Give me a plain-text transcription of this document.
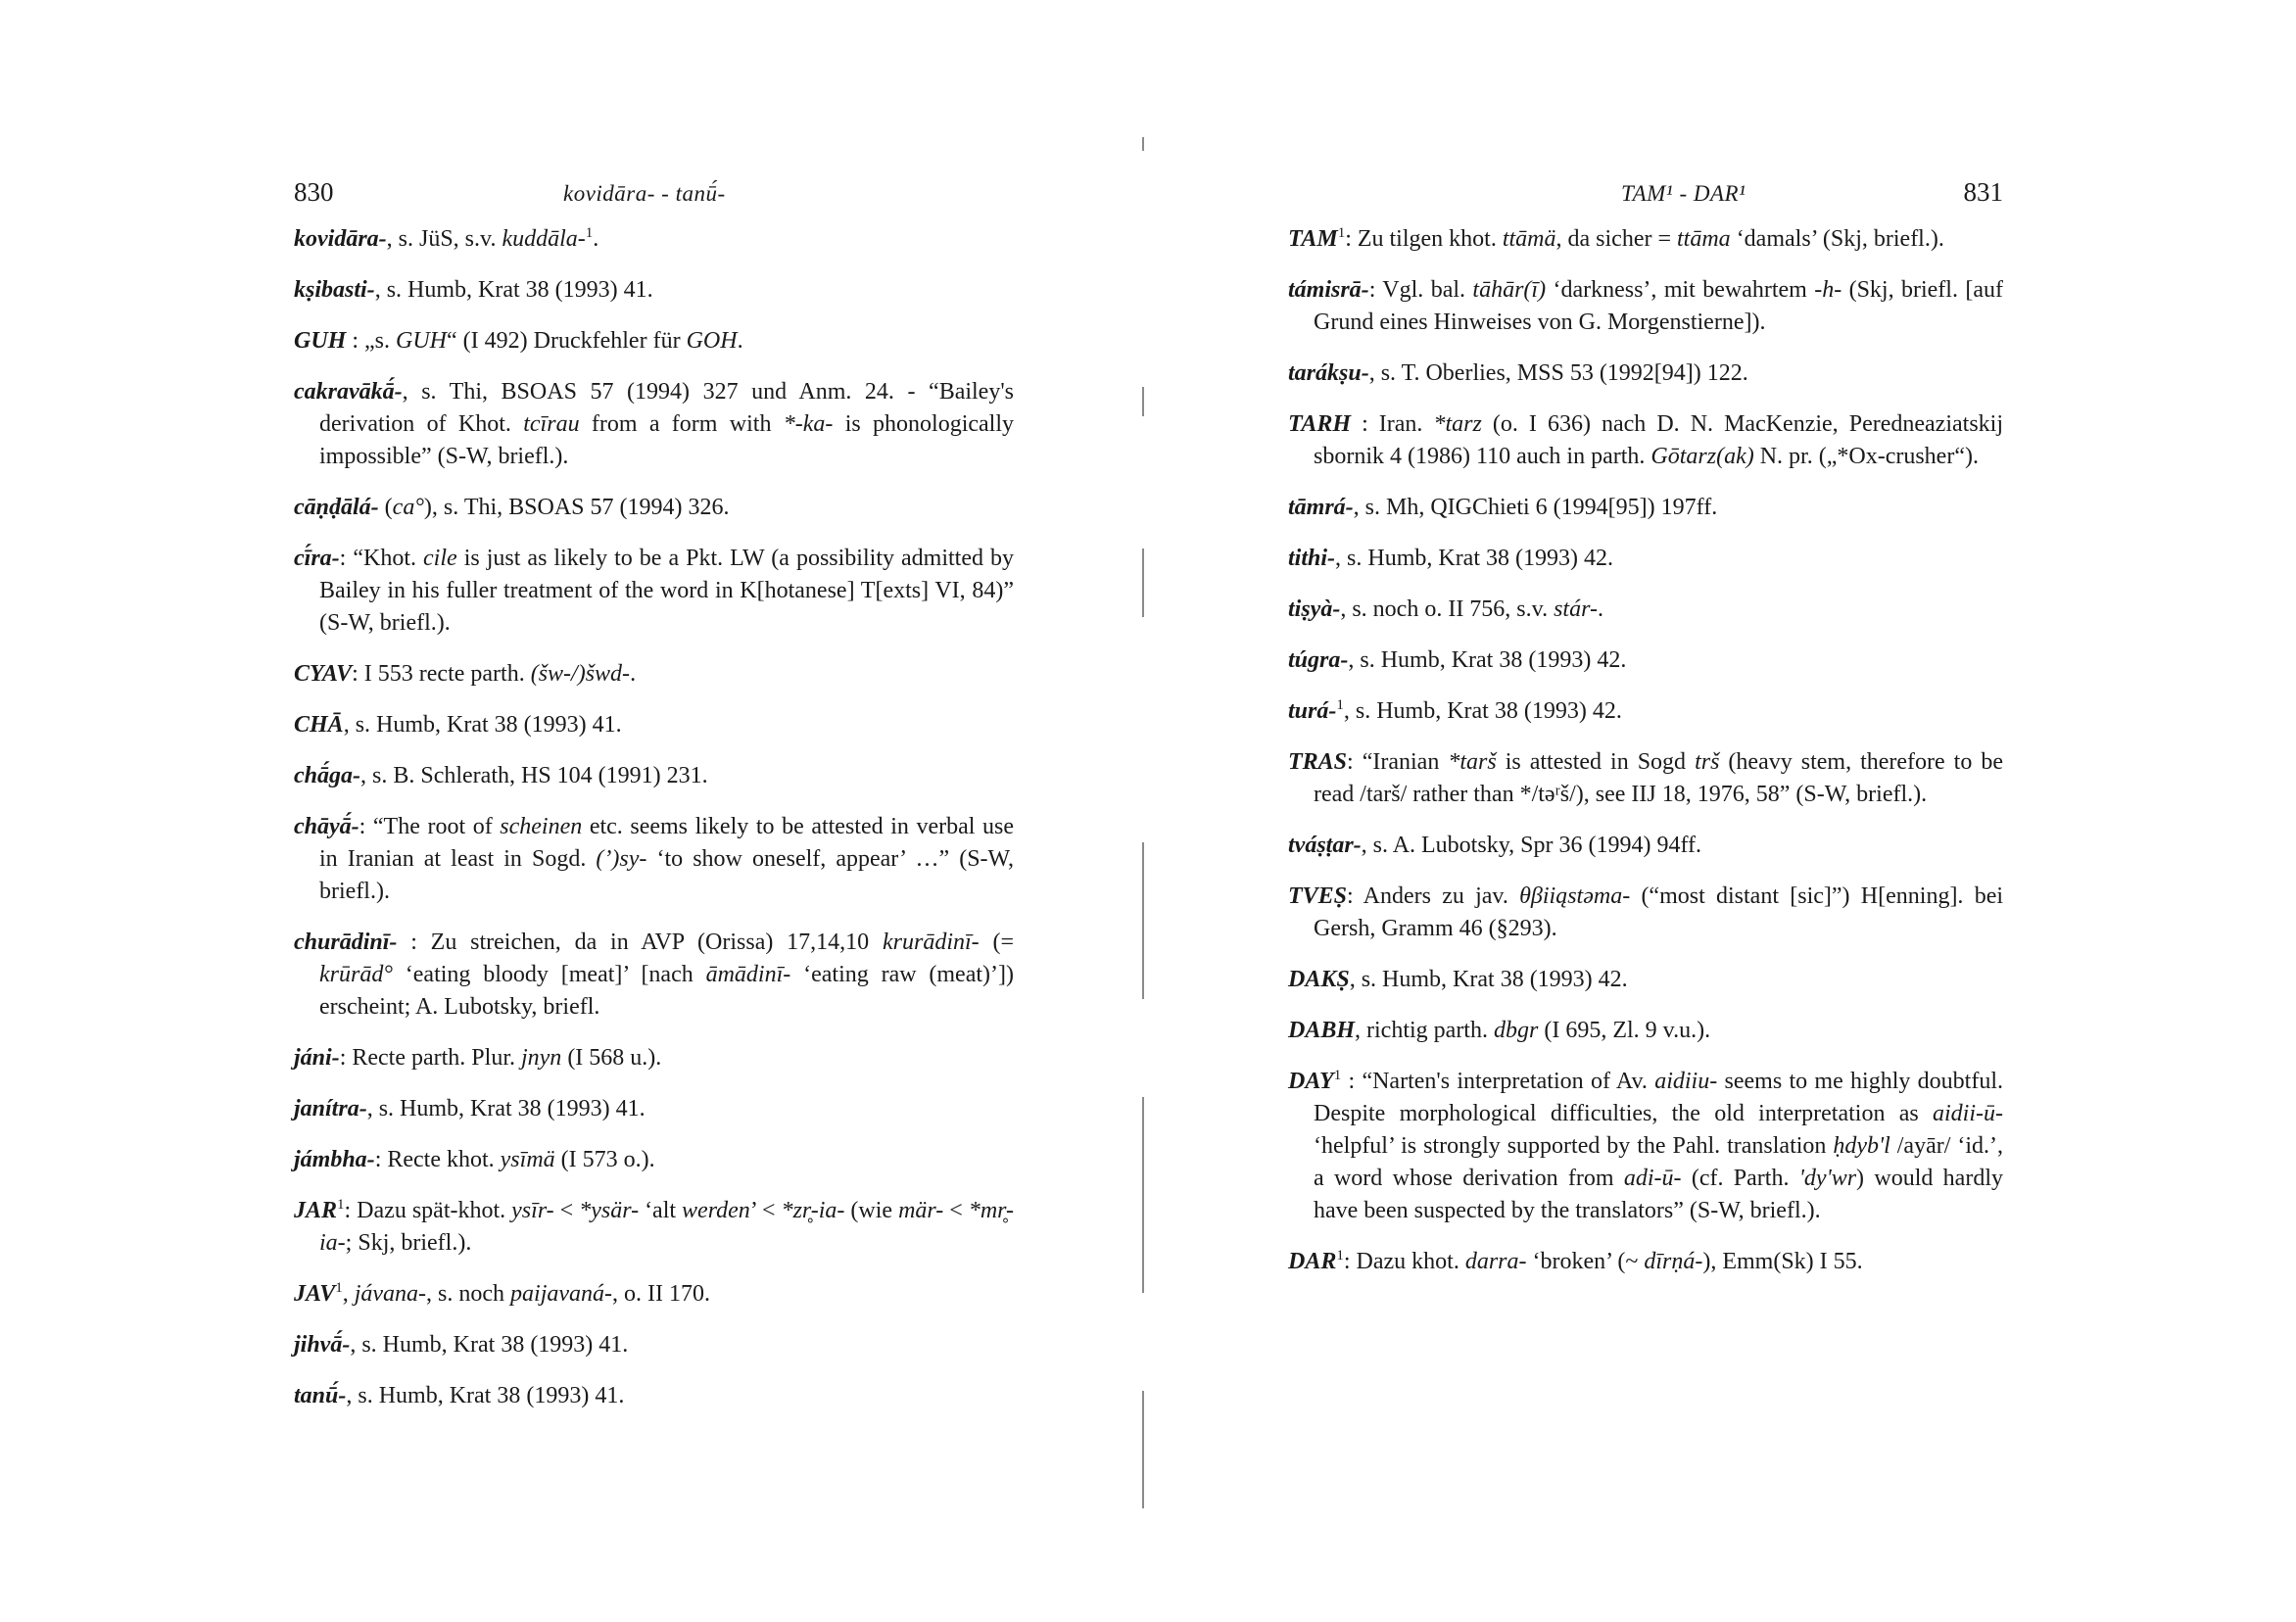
830	kovidāra- - tanū́-

kovidāra-, s. JüS, s.v. kuddāla-$^1$.

kṣibasti-, s. Humb, Krat 38 (1993) 41.

GUH : „s. GUH“ (I 492) Druckfehler für GOH.

cakravākā́-, s. Thi, BSOAS 57 (1994) 327 und Anm. 24. - “Bailey's derivation of Khot. tcīrau from a form with *-ka- is phonologically impossible” (S-W, briefl.).

cāṇḍālá- (ca°), s. Thi, BSOAS 57 (1994) 326.

cī́ra-: “Khot. cile is just as likely to be a Pkt. LW (a possibility admitted by Bailey in his fuller treatment of the word in K[hotanese] T[exts] VI, 84)” (S-W, briefl.).

CYAV: I 553 recte parth. (šw-/)šwd-.

CHĀ, s. Humb, Krat 38 (1993) 41.

chā́ga-, s. B. Schlerath, HS 104 (1991) 231.

chāyā́-: “The root of scheinen etc. seems likely to be attested in verbal use in Iranian at least in Sogd. (’)sy- ‘to show oneself, appear’ …” (S-W, briefl.).

churādinī- : Zu streichen, da in AVP (Orissa) 17,14,10 krurādinī- (= krūrād° ‘eating bloody [meat]’ [nach āmādinī- ‘eating raw (meat)’]) erscheint; A. Lubotsky, briefl.

jáni-: Recte parth. Plur. jnyn (I 568 u.).

janítra-, s. Humb, Krat 38 (1993) 41.

jámbha-: Recte khot. ysīmä (I 573 o.).

JAR$^1$: Dazu spät-khot. ysīr- < *ysär- ‘alt werden’ < *zr̥-ia- (wie mär- < *mr̥-ia-; Skj, briefl.).

JAV$^1$, jávana-, s. noch paijavaná-, o. II 170.

jihvā́-, s. Humb, Krat 38 (1993) 41.

tanū́-, s. Humb, Krat 38 (1993) 41.

TAM¹ - DAR¹	831

TAM$^1$: Zu tilgen khot. ttāmä, da sicher = ttāma ‘damals’ (Skj, briefl.).

támisrā-: Vgl. bal. tāhār(ī) ‘darkness’, mit bewahrtem -h- (Skj, briefl. [auf Grund eines Hinweises von G. Morgenstierne]).

tarákṣu-, s. T. Oberlies, MSS 53 (1992[94]) 122.

TARH : Iran. *tarz (o. I 636) nach D. N. MacKenzie, Peredneaziatskij sbornik 4 (1986) 110 auch in parth. Gōtarz(ak) N. pr. („*Ox-crusher“).

tāmrá-, s. Mh, QIGChieti 6 (1994[95]) 197ff.

tithi-, s. Humb, Krat 38 (1993) 42.

tiṣyà-, s. noch o. II 756, s.v. stár-.

túgra-, s. Humb, Krat 38 (1993) 42.

turá-$^1$, s. Humb, Krat 38 (1993) 42.

TRAS: “Iranian *tarš is attested in Sogd trš (heavy stem, therefore to be read /tarš/ rather than */təʳš/), see IIJ 18, 1976, 58” (S-W, briefl.).

tváṣṭar-, s. A. Lubotsky, Spr 36 (1994) 94ff.

TVEṢ: Anders zu jav. θβiiąstəma- (“most distant [sic]”) H[enning]. bei Gersh, Gramm 46 (§293).

DAKṢ, s. Humb, Krat 38 (1993) 42.

DABH, richtig parth. dbgr (I 695, Zl. 9 v.u.).

DAY$^1$ : “Narten's interpretation of Av. aidiiu- seems to me highly doubtful. Despite morphological difficulties, the old interpretation as aidii-ū- ‘helpful’ is strongly supported by the Pahl. translation ḥdyb'l /ayār/ ‘id.’, a word whose derivation from adi-ū- (cf. Parth. 'dy'wr) would hardly have been suspected by the translators” (S-W, briefl.).

DAR$^1$: Dazu khot. darra- ‘broken’ (~ dīrṇá-), Emm(Sk) I 55.
